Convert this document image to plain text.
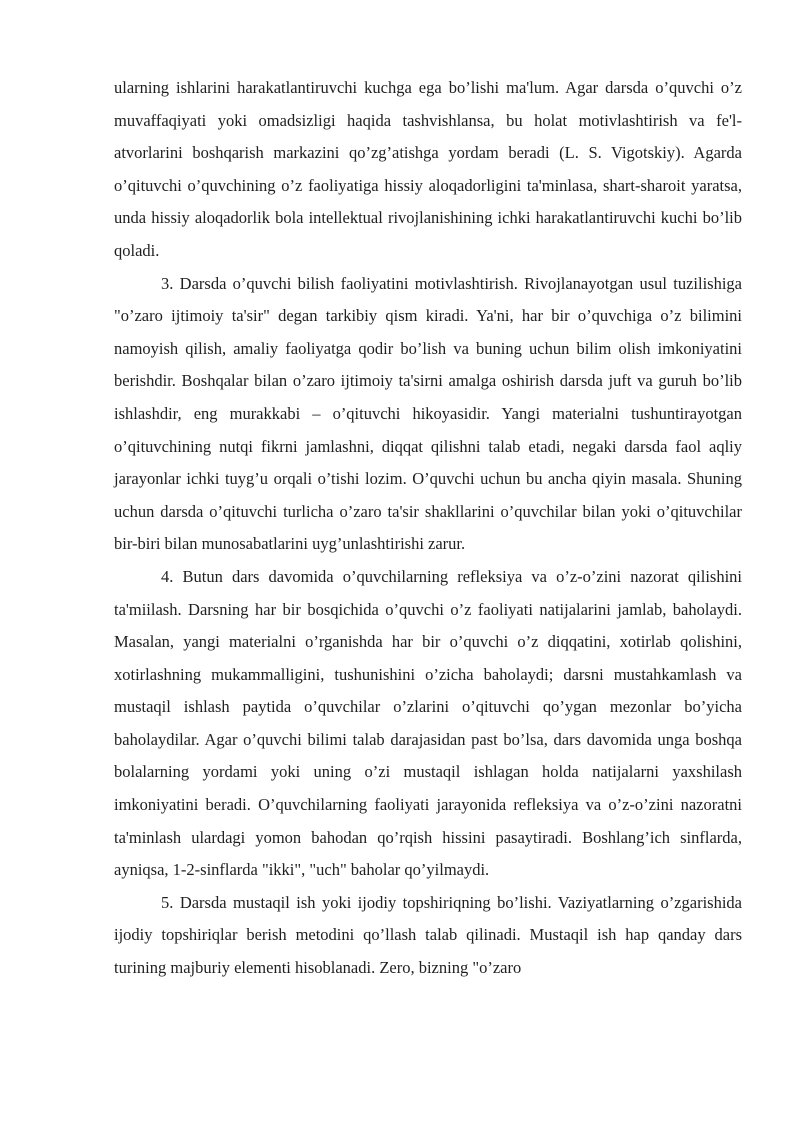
ularning ishlarini harakatlantiruvchi kuchga ega bo’lishi ma'lum. Agar darsda o’quvchi o’z muvaffaqiyati yoki omadsizligi haqida tashvishlansa, bu holat motivlashtirish va fe'l-atvorlarini boshqarish markazini qo’zg’atishga yordam beradi (L. S. Vigotskiy). Agarda o’qituvchi o’quvchining o’z faoliyatiga hissiy aloqadorligini ta'minlasa, shart-sharoit yaratsa, unda hissiy aloqadorlik bola intellektual rivojlanishining ichki harakatlantiruvchi kuchi bo’lib qoladi.

3. Darsda o’quvchi bilish faoliyatini motivlashtirish. Rivojlanayotgan usul tuzilishiga "o’zaro ijtimoiy ta'sir" degan tarkibiy qism kiradi. Ya'ni, har bir o’quvchiga o’z bilimini namoyish qilish, amaliy faoliyatga qodir bo’lish va buning uchun bilim olish imkoniyatini berishdir. Boshqalar bilan o’zaro ijtimoiy ta'sirni amalga oshirish darsda juft va guruh bo’lib ishlashdir, eng murakkabi – o’qituvchi hikoyasidir. Yangi materialni tushuntirayotgan o’qituvchining nutqi fikrni jamlashni, diqqat qilishni talab etadi, negaki darsda faol aqliy jarayonlar ichki tuyg’u orqali o’tishi lozim. O’quvchi uchun bu ancha qiyin masala. Shuning uchun darsda o’qituvchi turlicha o’zaro ta'sir shakllarini o’quvchilar bilan yoki o’qituvchilar bir-biri bilan munosabatlarini uyg’unlashtirishi zarur.

4. Butun dars davomida o’quvchilarning refleksiya va o’z-o’zini nazorat qilishini ta'miilash. Darsning har bir bosqichida o’quvchi o’z faoliyati natijalarini jamlab, baholaydi. Masalan, yangi materialni o’rganishda har bir o’quvchi o’z diqqatini, xotirlab qolishini, xotirlashning mukammalligini, tushunishini o’zicha baholaydi; darsni mustahkamlash va mustaqil ishlash paytida o’quvchilar o’zlarini o’qituvchi qo’ygan mezonlar bo’yicha baholaydilar. Agar o’quvchi bilimi talab darajasidan past bo’lsa, dars davomida unga boshqa bolalarning yordami yoki uning o’zi mustaqil ishlagan holda natijalarni yaxshilash imkoniyatini beradi. O’quvchilarning faoliyati jarayonida refleksiya va o’z-o’zini nazoratni ta'minlash ulardagi yomon bahodan qo’rqish hissini pasaytiradi. Boshlang’ich sinflarda, ayniqsa, 1-2-sinflarda "ikki", "uch" baholar qo’yilmaydi.

5. Darsda mustaqil ish yoki ijodiy topshiriqning bo’lishi. Vaziyatlarning o’zgarishida ijodiy topshiriqlar berish metodini qo’llash talab qilinadi. Mustaqil ish hap qanday dars turining majburiy elementi hisoblanadi. Zero, bizning "o’zaro
